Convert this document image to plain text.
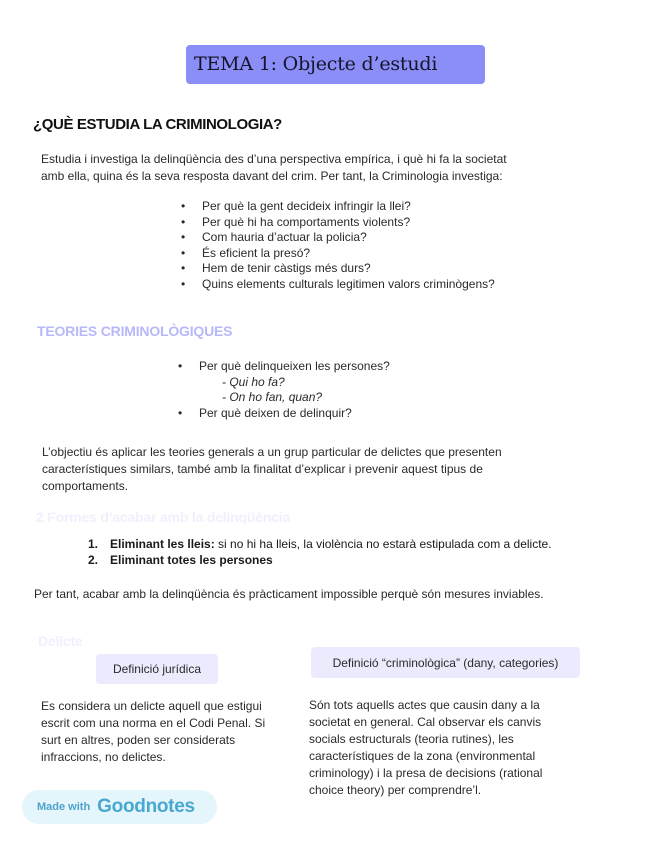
TEMA 1: Objecte d’estudi
¿QUÈ ESTUDIA LA CRIMINOLOGIA?
Estudia i investiga la delinqüència des d’una perspectiva empírica, i què hi fa la societat
amb ella, quina és la seva resposta davant del crim. Per tant, la Criminologia investiga:
•	Per què la gent decideix infringir la llei?
•	Per què hi ha comportaments violents?
•	Com hauria d’actuar la policia?
•	És eficient la presó?
•	Hem de tenir càstigs més durs?
•	Quins elements culturals legitimen valors criminògens?
TEORIES CRIMINOLÒGIQUES
•	Per què delinqueixen les persones?
- Qui ho fa?
- On ho fan, quan?
•	Per què deixen de delinquir?
L’objectiu és aplicar les teories generals a un grup particular de delictes que presenten
característiques similars, també amb la finalitat d’explicar i prevenir aquest tipus de
comportaments.
2 Formes d’acabar amb la delinqüència
1. Eliminant les lleis: si no hi ha lleis, la violència no estarà estipulada com a delicte.
2. Eliminant totes les persones
Per tant, acabar amb la delinqüència és pràcticament impossible perquè són mesures inviables.
Delicte
Definició jurídica	Definició “criminològica” (dany, categories)
Es considera un delicte aquell que estigui
escrit com una norma en el Codi Penal. Si
surt en altres, poden ser considerats
infraccions, no delictes.
Són tots aquells actes que causin dany a la
societat en general. Cal observar els canvis
socials estructurals (teoria rutines), les
característiques de la zona (environmental
criminology) i la presa de decisions (rational
choice theory) per comprendre’l.
Made with Goodnotes
